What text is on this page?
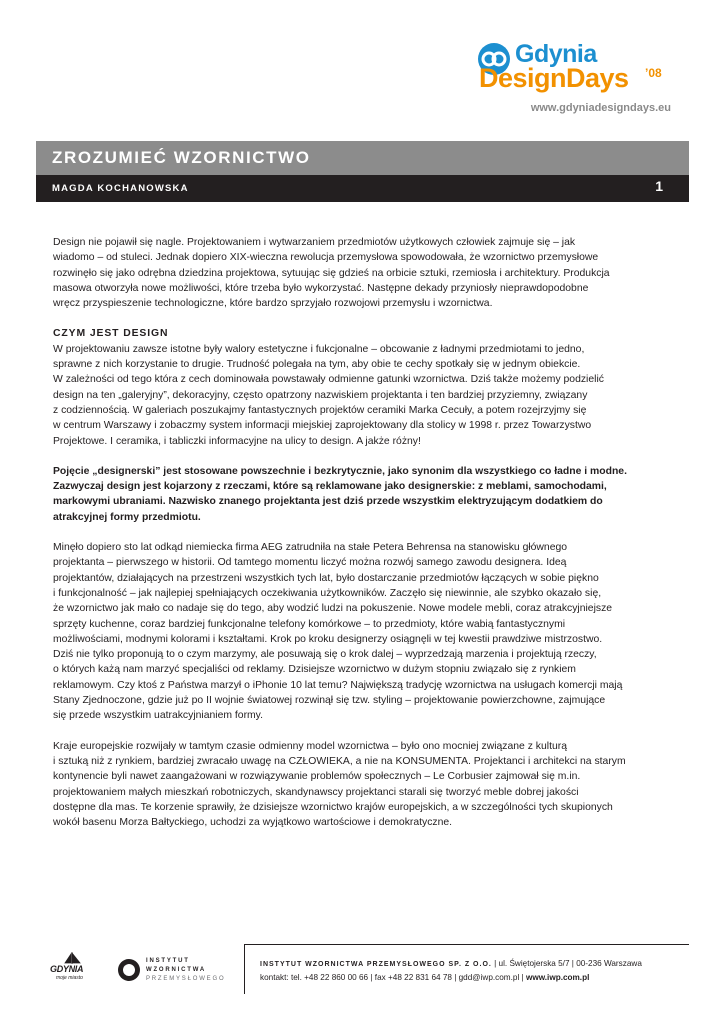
Gdynia
DesignDays ’08
www.gdyniadesigndays.eu
ZROZUMIEĆ WZORNICTWO
MAGDA KOCHANOWSKA	1

Design nie pojawił się nagle. Projektowaniem i wytwarzaniem przedmiotów użytkowych człowiek zajmuje się – jak
wiadomo – od stuleci. Jednak dopiero XIX-wieczna rewolucja przemysłowa spowodowała, że wzornictwo przemysłowe
rozwinęło się jako odrębna dziedzina projektowa, sytuując się gdzieś na orbicie sztuki, rzemiosła i architektury. Produkcja
masowa otworzyła nowe możliwości, które trzeba było wykorzystać. Następne dekady przyniosły nieprawdopodobne
wręcz przyspieszenie technologiczne, które bardzo sprzyjało rozwojowi przemysłu i wzornictwa.

CZYM JEST DESIGN

W projektowaniu zawsze istotne były walory estetyczne i fukcjonalne – obcowanie z ładnymi przedmiotami to jedno,
sprawne z nich korzystanie to drugie. Trudność polegała na tym, aby obie te cechy spotkały się w jednym obiekcie.
W zależności od tego która z cech dominowała powstawały odmienne gatunki wzornictwa. Dziś także możemy podzielić
design na ten „galeryjny”, dekoracyjny, często opatrzony nazwiskiem projektanta i ten bardziej przyziemny, związany
z codziennością. W galeriach poszukajmy fantastycznych projektów ceramiki Marka Cecuły, a potem rozejrzyjmy się
w centrum Warszawy i zobaczmy system informacji miejskiej zaprojektowany dla stolicy w 1998 r. przez Towarzystwo
Projektowe. I ceramika, i tabliczki informacyjne na ulicy to design. A jakże różny!

Pojęcie „designerski” jest stosowane powszechnie i bezkrytycznie, jako synonim dla wszystkiego co ładne i modne.
Zazwyczaj design jest kojarzony z rzeczami, które są reklamowane jako designerskie: z meblami, samochodami,
markowymi ubraniami. Nazwisko znanego projektanta jest dziś przede wszystkim elektryzującym dodatkiem do
atrakcyjnej formy przedmiotu.

Minęło dopiero sto lat odkąd niemiecka firma AEG zatrudniła na stałe Petera Behrensa na stanowisku głównego
projektanta – pierwszego w historii. Od tamtego momentu liczyć można rozwój samego zawodu designera. Ideą
projektantów, działających na przestrzeni wszystkich tych lat, było dostarczanie przedmiotów łączących w sobie piękno
i funkcjonalność – jak najlepiej spełniających oczekiwania użytkowników. Zaczęło się niewinnie, ale szybko okazało się,
że wzornictwo jak mało co nadaje się do tego, aby wodzić ludzi na pokuszenie. Nowe modele mebli, coraz atrakcyjniejsze
sprzęty kuchenne, coraz bardziej funkcjonalne telefony komórkowe – to przedmioty, które wabią fantastycznymi
możliwościami, modnymi kolorami i kształtami. Krok po kroku designerzy osiągnęli w tej kwestii prawdziwe mistrzostwo.
Dziś nie tylko proponują to o czym marzymy, ale posuwają się o krok dalej – wyprzedzają marzenia i projektują rzeczy,
o których każą nam marzyć specjaliści od reklamy. Dzisiejsze wzornictwo w dużym stopniu związało się z rynkiem
reklamowym. Czy ktoś z Państwa marzył o iPhonie 10 lat temu? Największą tradycję wzornictwa na usługach komercji mają
Stany Zjednoczone, gdzie już po II wojnie światowej rozwinął się tzw. styling – projektowanie powierzchowne, zajmujące
się przede wszystkim uatrakcyjnianiem formy.

Kraje europejskie rozwijały w tamtym czasie odmienny model wzornictwa – było ono mocniej związane z kulturą
i sztuką niż z rynkiem, bardziej zwracało uwagę na CZŁOWIEKA, a nie na KONSUMENTA. Projektanci i architekci na starym
kontynencie byli nawet zaangażowani w rozwiązywanie problemów społecznych – Le Corbusier zajmował się m.in.
projektowaniem małych mieszkań robotniczych, skandynawscy projektanci starali się tworzyć meble dobrej jakości
dostępne dla mas. Te korzenie sprawiły, że dzisiejsze wzornictwo krajów europejskich, a w szczególności tych skupionych
wokół basenu Morza Bałtyckiego, uchodzi za wyjątkowo wartościowe i demokratyczne.

GDYNIA
moje miasto
INSTYTUT
WZORNICTWA
PRZEMYSŁOWEGO
INSTYTUT WZORNICTWA PRZEMYSŁOWEGO SP. Z O.O. | ul. Świętojerska 5/7 | 00-236 Warszawa
kontakt: tel. +48 22 860 00 66 | fax +48 22 831 64 78 | gdd@iwp.com.pl | www.iwp.com.pl
